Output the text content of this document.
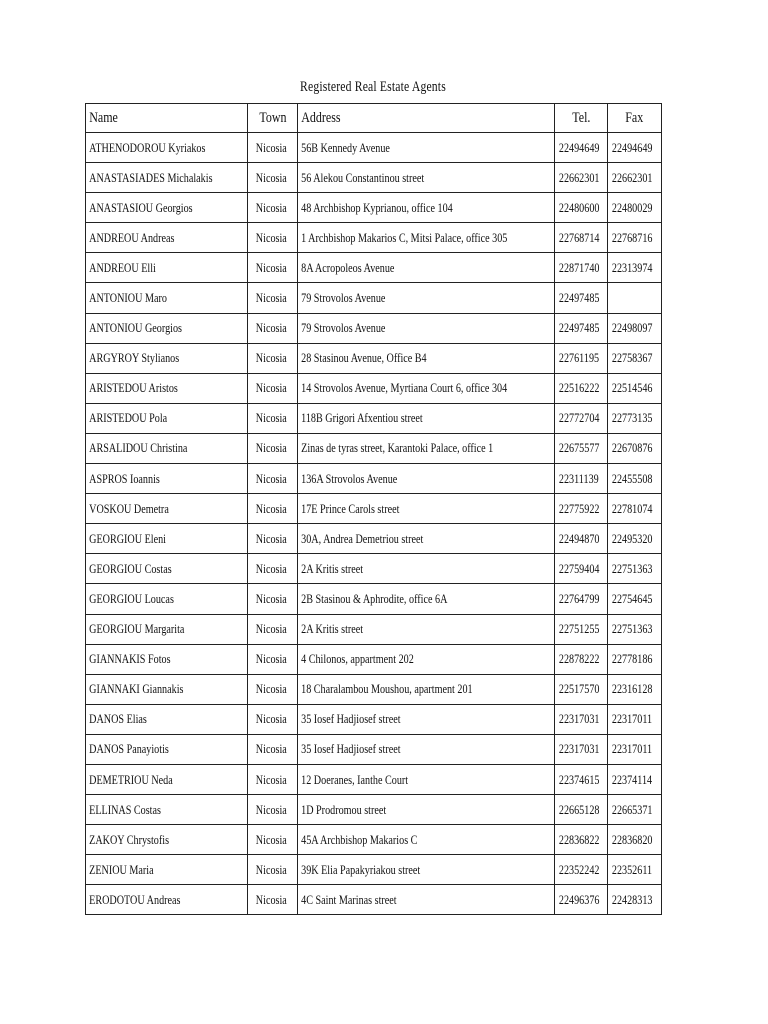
Registered Real Estate Agents
Name	Town	Address	Tel.	Fax
ATHENODOROU Kyriakos	Nicosia	56B Kennedy Avenue	22494649	22494649
ANASTASIADES Michalakis	Nicosia	56 Alekou Constantinou street	22662301	22662301
ANASTASIOU Georgios	Nicosia	48 Archbishop Kyprianou, office 104	22480600	22480029
ANDREOU Andreas	Nicosia	1 Archbishop Makarios C, Mitsi Palace, office 305	22768714	22768716
ANDREOU Elli	Nicosia	8A Acropoleos Avenue	22871740	22313974
ANTONIOU Maro	Nicosia	79 Strovolos Avenue	22497485	
ANTONIOU Georgios	Nicosia	79 Strovolos Avenue	22497485	22498097
ARGYROY Stylianos	Nicosia	28 Stasinou Avenue, Office B4	22761195	22758367
ARISTEDOU Aristos	Nicosia	14 Strovolos Avenue, Myrtiana Court 6, office 304	22516222	22514546
ARISTEDOU Pola	Nicosia	118B Grigori Afxentiou street	22772704	22773135
ARSALIDOU Christina	Nicosia	Zinas de tyras street, Karantoki Palace, office 1	22675577	22670876
ASPROS Ioannis	Nicosia	136A Strovolos Avenue	22311139	22455508
VOSKOU Demetra	Nicosia	17E Prince Carols street	22775922	22781074
GEORGIOU Eleni	Nicosia	30A, Andrea Demetriou street	22494870	22495320
GEORGIOU Costas	Nicosia	2A Kritis street	22759404	22751363
GEORGIOU Loucas	Nicosia	2B Stasinou & Aphrodite, office 6A	22764799	22754645
GEORGIOU Margarita	Nicosia	2A Kritis street	22751255	22751363
GIANNAKIS Fotos	Nicosia	4 Chilonos, appartment 202	22878222	22778186
GIANNAKI Giannakis	Nicosia	18 Charalambou Moushou, apartment 201	22517570	22316128
DANOS Elias	Nicosia	35 Iosef Hadjiosef street	22317031	22317011
DANOS Panayiotis	Nicosia	35 Iosef Hadjiosef street	22317031	22317011
DEMETRIOU Neda	Nicosia	12 Doeranes, Ianthe Court	22374615	22374114
ELLINAS Costas	Nicosia	1D Prodromou street	22665128	22665371
ZAKOY Chrystofis	Nicosia	45A Archbishop Makarios C	22836822	22836820
ZENIOU Maria	Nicosia	39K Elia Papakyriakou street	22352242	22352611
ERODOTOU Andreas	Nicosia	4C Saint Marinas street	22496376	22428313
